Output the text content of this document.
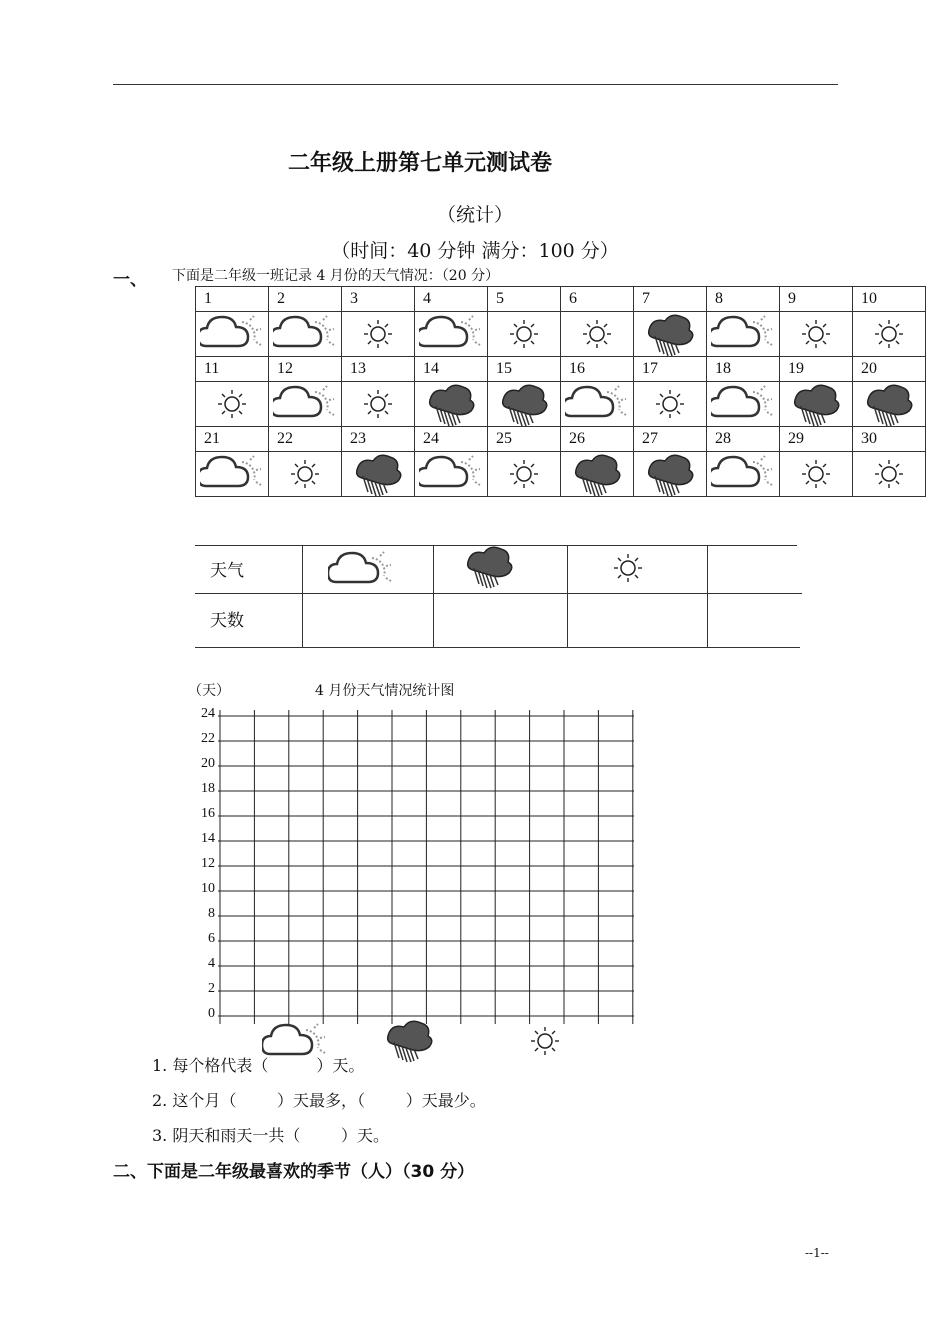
二年级上册第七单元测试卷
（统计）
（时间：40 分钟 满分：100 分）
一、 下面是二年级一班记录 4 月份的天气情况：（20 分）
1	2	3	4	5	6	7	8	9	10

11	12	13	14	15	16	17	18	19	20

21	22	23	24	25	26	27	28	29	30

天气
天数
（天）	4 月份天气情况统计图
24
22
20
18
16
14
12
10
8
6
4
2
0
1. 每个格代表（	）天。
2. 这个月（        ）天最多，（        ）天最少。
3. 阴天和雨天一共（        ）天。
二、下面是二年级最喜欢的季节（人）（30 分）
--1--
